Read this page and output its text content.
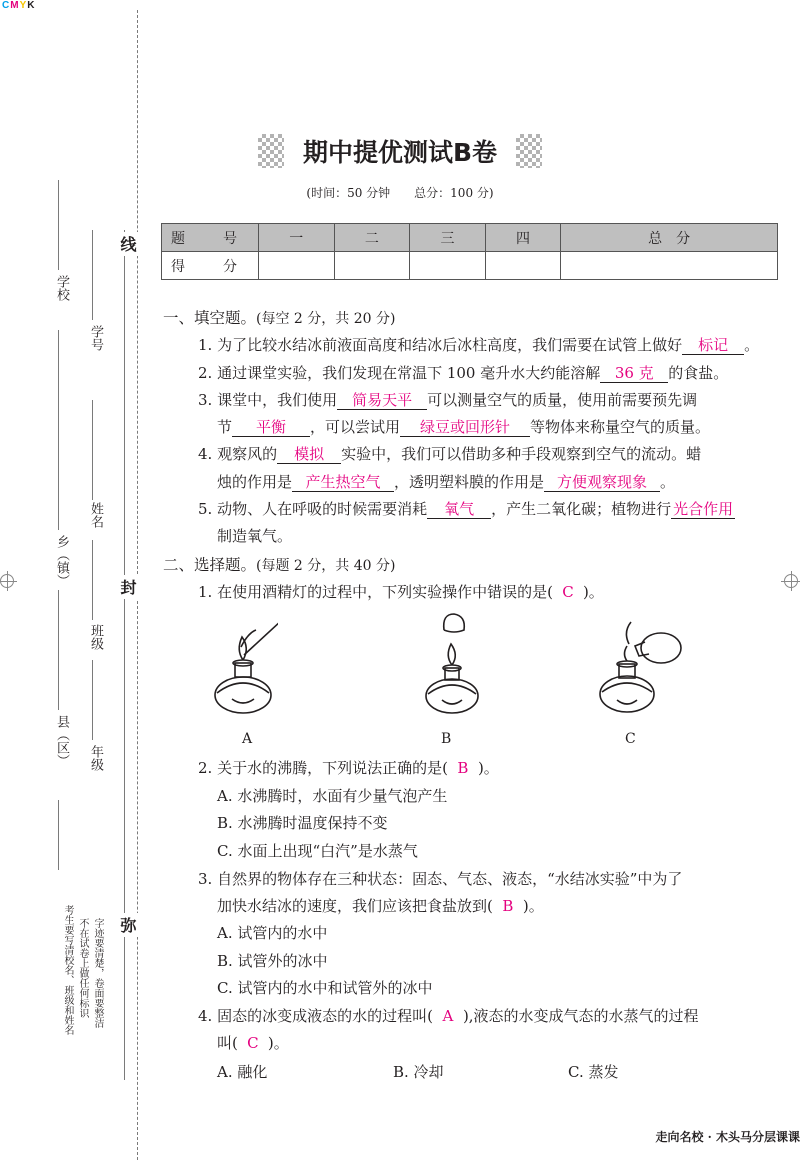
CMYK
线
封
弥
学校
学号
乡（镇）
姓名
班级
县（区） 年级
考生要写清校名、班级和姓名 不在试卷上做任何标识 字迹要清楚，卷面要整洁
期中提优测试B卷
(时间：50 分钟　　总分：100 分)
题　号	一	二	三	四	总　分
得　分					
一、填空题。(每空 2 分，共 20 分)
1. 为了比较水结冰前液面高度和结冰后冰柱高度，我们需要在试管上做好 标记 。
2. 通过课堂实验，我们发现在常温下 100 毫升水大约能溶解 36 克 的食盐。
3. 课堂中，我们使用 简易天平 可以测量空气的质量，使用前需要预先调
节 平衡 ，可以尝试用 绿豆或回形针 等物体来称量空气的质量。
4. 观察风的 模拟 实验中，我们可以借助多种手段观察到空气的流动。蜡
烛的作用是 产生热空气 ，透明塑料膜的作用是 方便观察现象 。
5. 动物、人在呼吸的时候需要消耗 氧气 ，产生二氧化碳；植物进行 光合作用
制造氧气。
二、选择题。(每题 2 分，共 40 分)
1. 在使用酒精灯的过程中，下列实验操作中错误的是( C )。
A	B	C
2. 关于水的沸腾，下列说法正确的是( B )。
A. 水沸腾时，水面有少量气泡产生
B. 水沸腾时温度保持不变
C. 水面上出现“白汽”是水蒸气
3. 自然界的物体存在三种状态：固态、气态、液态，“水结冰实验”中为了
加快水结冰的速度，我们应该把食盐放到( B )。
A. 试管内的水中
B. 试管外的冰中
C. 试管内的水中和试管外的冰中
4. 固态的冰变成液态的水的过程叫( A ),液态的水变成气态的水蒸气的过程
叫( C )。
A. 融化	B. 冷却	C. 蒸发
走向名校 · 木头马分层课课
